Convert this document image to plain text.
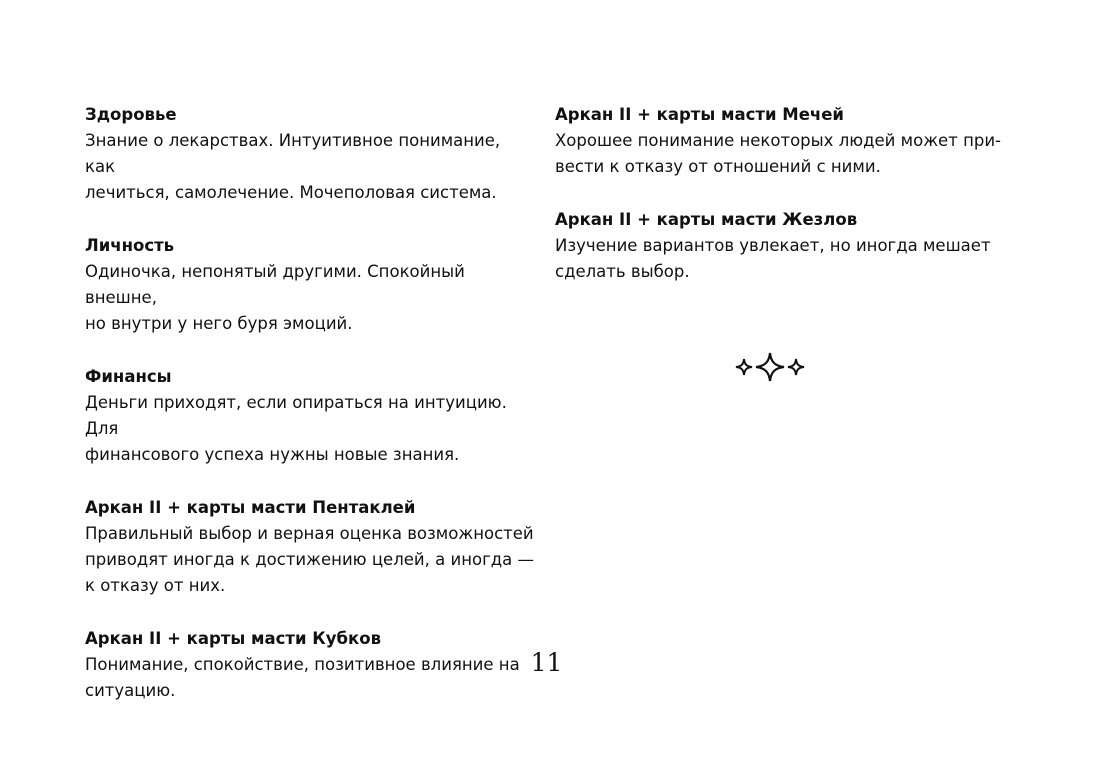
Здоровье

Знание о лекарствах. Интуитивное понимание, как
лечиться, самолечение. Мочеполовая система.

Личность

Одиночка, непонятый другими. Спокойный внешне,
но внутри у него буря эмоций.

Финансы

Деньги приходят, если опираться на интуицию. Для
финансового успеха нужны новые знания.

Аркан II + карты масти Пентаклей

Правильный выбор и верная оценка возможностей
приводят иногда к достижению целей, а иногда —
к отказу от них.

Аркан II + карты масти Кубков

Понимание, спокойствие, позитивное влияние на
ситуацию.

Аркан II + карты масти Мечей

Хорошее понимание некоторых людей может при-
вести к отказу от отношений с ними.

Аркан II + карты масти Жезлов

Изучение вариантов увлекает, но иногда мешает
сделать выбор.

11
